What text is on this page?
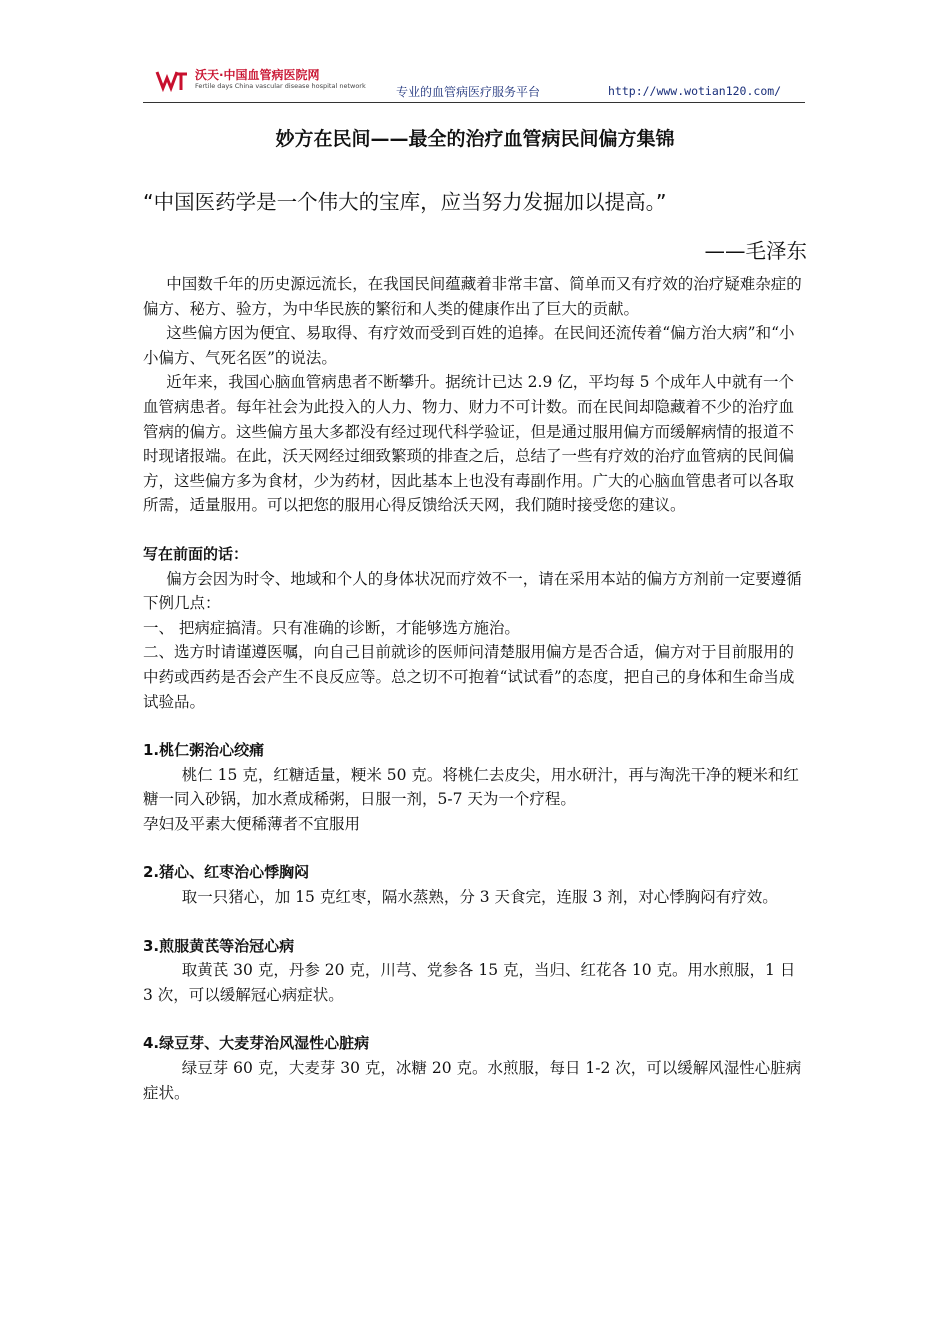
沃天·中国血管病医院网
Fertile days China vascular disease hospital network	专业的血管病医疗服务平台	http://www.wotian120.com/
妙方在民间——最全的治疗血管病民间偏方集锦
“中国医药学是一个伟大的宝库，应当努力发掘加以提高。”
——毛泽东

中国数千年的历史源远流长，在我国民间蕴藏着非常丰富、简单而又有疗效的治疗疑难杂症的偏方、秘方、验方，为中华民族的繁衍和人类的健康作出了巨大的贡献。

这些偏方因为便宜、易取得、有疗效而受到百姓的追捧。在民间还流传着“偏方治大病”和“小小偏方、气死名医”的说法。

近年来，我国心脑血管病患者不断攀升。据统计已达 2.9 亿，平均每 5 个成年人中就有一个血管病患者。每年社会为此投入的人力、物力、财力不可计数。而在民间却隐藏着不少的治疗血管病的偏方。这些偏方虽大多都没有经过现代科学验证，但是通过服用偏方而缓解病情的报道不时现诸报端。在此，沃天网经过细致繁琐的排查之后，总结了一些有疗效的治疗血管病的民间偏方，这些偏方多为食材，少为药材，因此基本上也没有毒副作用。广大的心脑血管患者可以各取所需，适量服用。可以把您的服用心得反馈给沃天网，我们随时接受您的建议。

写在前面的话：

偏方会因为时令、地域和个人的身体状况而疗效不一，请在采用本站的偏方方剂前一定要遵循下例几点：

一、 把病症搞清。只有准确的诊断，才能够选方施治。

二、选方时请谨遵医嘱，向自己目前就诊的医师问清楚服用偏方是否合适，偏方对于目前服用的中药或西药是否会产生不良反应等。总之切不可抱着“试试看”的态度，把自己的身体和生命当成试验品。

1.桃仁粥治心绞痛

桃仁 15 克，红糖适量，粳米 50 克。将桃仁去皮尖，用水研汁，再与淘洗干净的粳米和红糖一同入砂锅，加水煮成稀粥，日服一剂，5-7 天为一个疗程。

孕妇及平素大便稀薄者不宜服用

2.猪心、红枣治心悸胸闷

取一只猪心，加 15 克红枣，隔水蒸熟，分 3 天食完，连服 3 剂，对心悸胸闷有疗效。

3.煎服黄芪等治冠心病

取黄芪 30 克，丹参 20 克，川芎、党参各 15 克，当归、红花各 10 克。用水煎服，1 日 3 次，可以缓解冠心病症状。

4.绿豆芽、大麦芽治风湿性心脏病

绿豆芽 60 克，大麦芽 30 克，冰糖 20 克。水煎服，每日 1-2 次，可以缓解风湿性心脏病症状。
